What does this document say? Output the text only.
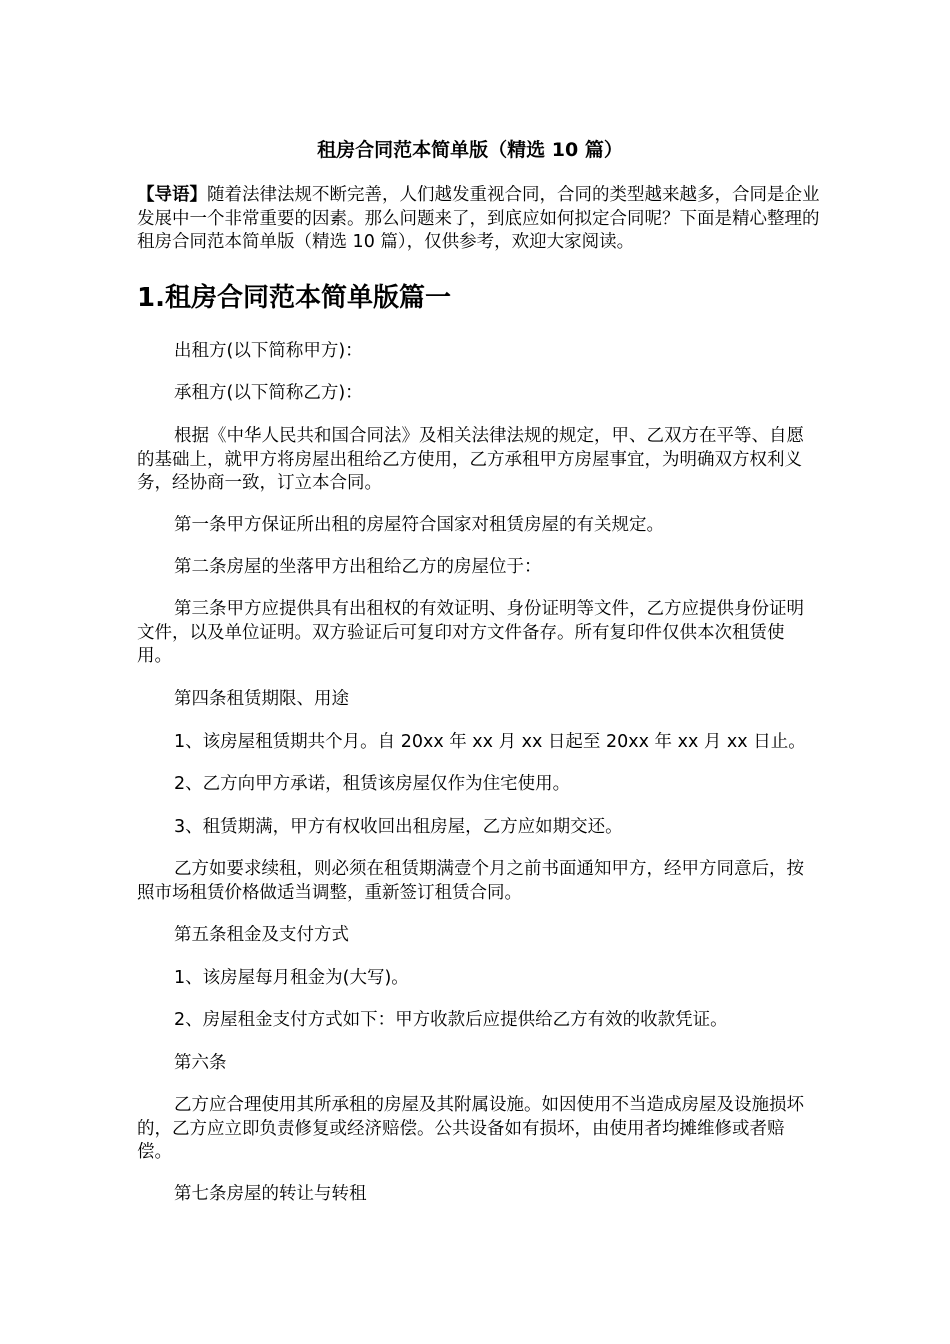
租房合同范本简单版（精选 10 篇）
【导语】随着法律法规不断完善，人们越发重视合同，合同的类型越来越多，合同是企业发展中一个非常重要的因素。那么问题来了，到底应如何拟定合同呢？下面是精心整理的租房合同范本简单版（精选 10 篇），仅供参考，欢迎大家阅读。
1.租房合同范本简单版篇一
出租方(以下简称甲方)：
承租方(以下简称乙方)：
根据《中华人民共和国合同法》及相关法律法规的规定，甲、乙双方在平等、自愿的基础上，就甲方将房屋出租给乙方使用，乙方承租甲方房屋事宜，为明确双方权利义务，经协商一致，订立本合同。
第一条甲方保证所出租的房屋符合国家对租赁房屋的有关规定。
第二条房屋的坐落甲方出租给乙方的房屋位于：
第三条甲方应提供具有出租权的有效证明、身份证明等文件，乙方应提供身份证明文件，以及单位证明。双方验证后可复印对方文件备存。所有复印件仅供本次租赁使用。
第四条租赁期限、用途
1、该房屋租赁期共个月。自 20xx 年 xx 月 xx 日起至 20xx 年 xx 月 xx 日止。
2、乙方向甲方承诺，租赁该房屋仅作为住宅使用。
3、租赁期满，甲方有权收回出租房屋，乙方应如期交还。
乙方如要求续租，则必须在租赁期满壹个月之前书面通知甲方，经甲方同意后，按照市场租赁价格做适当调整，重新签订租赁合同。
第五条租金及支付方式
1、该房屋每月租金为(大写)。
2、房屋租金支付方式如下：甲方收款后应提供给乙方有效的收款凭证。
第六条
乙方应合理使用其所承租的房屋及其附属设施。如因使用不当造成房屋及设施损坏的，乙方应立即负责修复或经济赔偿。公共设备如有损坏，由使用者均摊维修或者赔偿。
第七条房屋的转让与转租
